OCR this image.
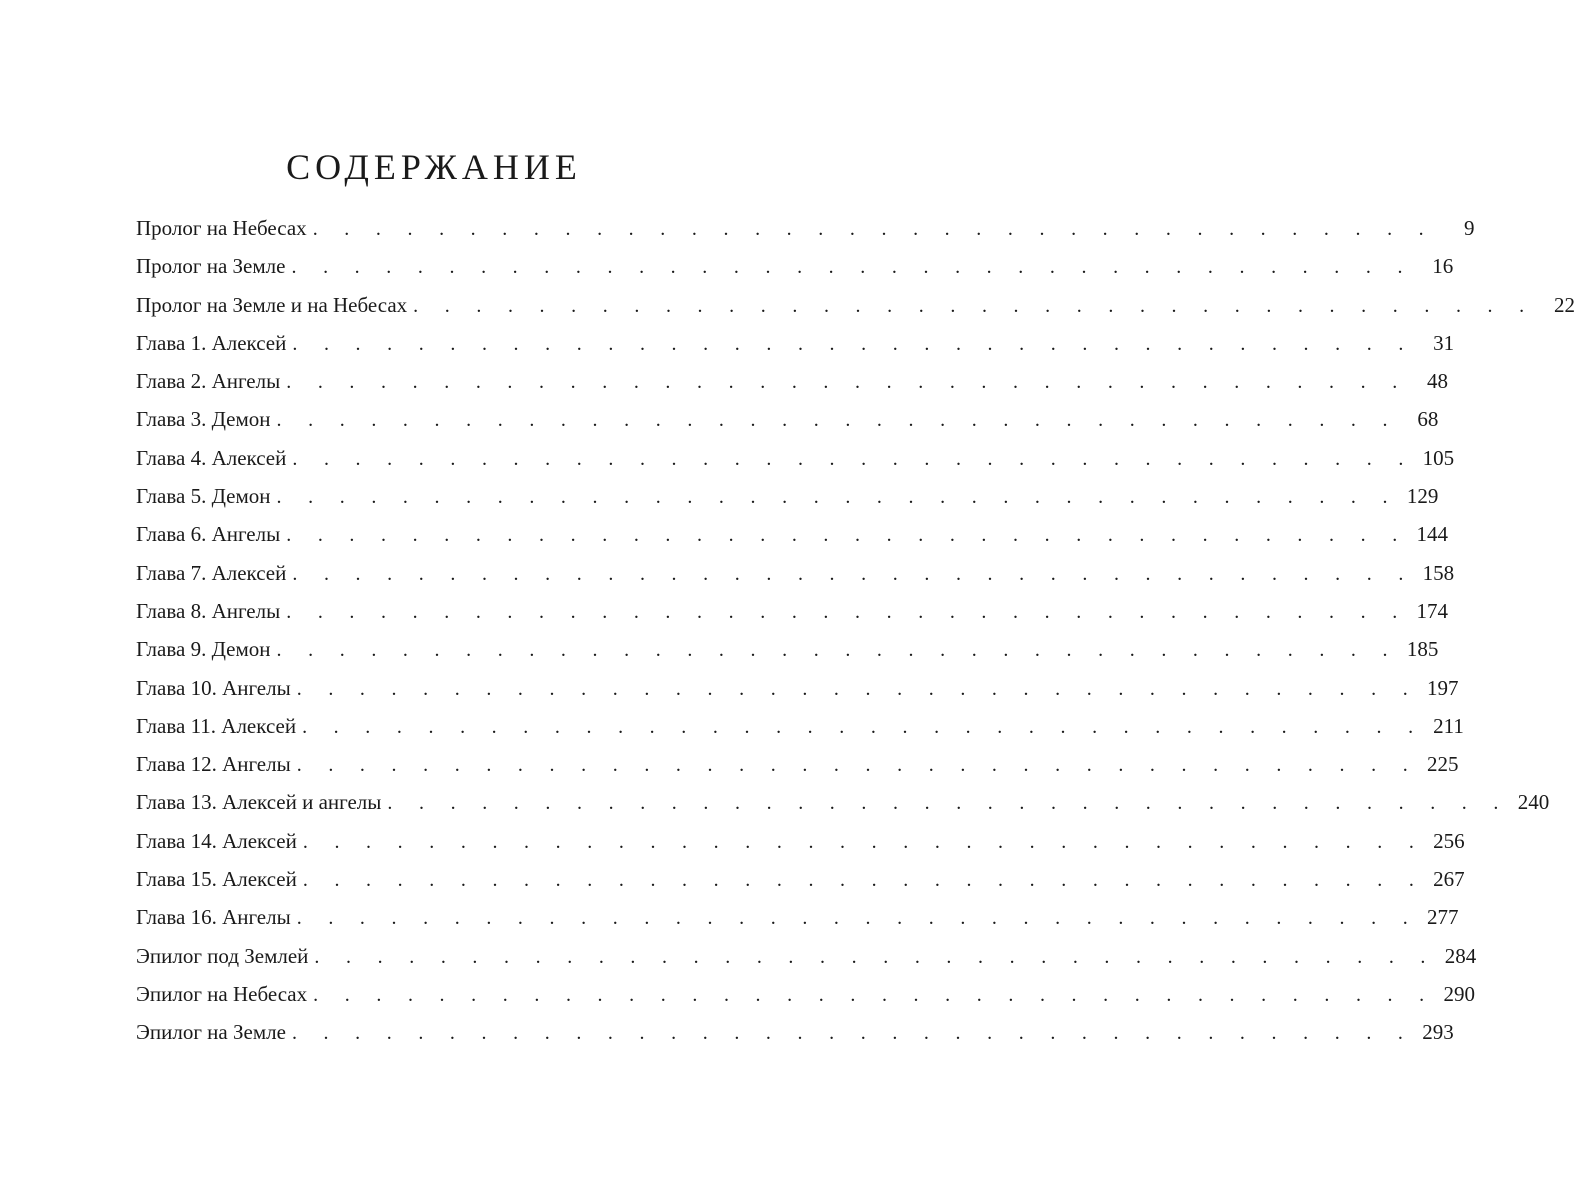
СОДЕРЖАНИЕ
Пролог на Небесах . . . . . . . . . . . . . . . . . . . . . . . . . . . . . . . . . . . .	9
Пролог на Земле . . . . . . . . . . . . . . . . . . . . . . . . . . . . . . . . . . . . 16
Пролог на Земле и на Небесах . . . . . . . . . . . . . . . . . . . . . . . . . . . . . . . . . . . . 22
Глава 1. Алексей . . . . . . . . . . . . . . . . . . . . . . . . . . . . . . . . . . . . 31
Глава 2. Ангелы . . . . . . . . . . . . . . . . . . . . . . . . . . . . . . . . . . . . 48
Глава 3. Демон . . . . . . . . . . . . . . . . . . . . . . . . . . . . . . . . . . . . 68
Глава 4. Алексей . . . . . . . . . . . . . . . . . . . . . . . . . . . . . . . . . . . . 105
Глава 5. Демон . . . . . . . . . . . . . . . . . . . . . . . . . . . . . . . . . . . . 129
Глава 6. Ангелы . . . . . . . . . . . . . . . . . . . . . . . . . . . . . . . . . . . . 144
Глава 7. Алексей . . . . . . . . . . . . . . . . . . . . . . . . . . . . . . . . . . . . 158
Глава 8. Ангелы . . . . . . . . . . . . . . . . . . . . . . . . . . . . . . . . . . . . 174
Глава 9. Демон . . . . . . . . . . . . . . . . . . . . . . . . . . . . . . . . . . . . 185
Глава 10. Ангелы . . . . . . . . . . . . . . . . . . . . . . . . . . . . . . . . . . . . 197
Глава 11. Алексей . . . . . . . . . . . . . . . . . . . . . . . . . . . . . . . . . . . . 211
Глава 12. Ангелы . . . . . . . . . . . . . . . . . . . . . . . . . . . . . . . . . . . . 225
Глава 13. Алексей и ангелы . . . . . . . . . . . . . . . . . . . . . . . . . . . . . . . . . . . . 240
Глава 14. Алексей . . . . . . . . . . . . . . . . . . . . . . . . . . . . . . . . . . . . 256
Глава 15. Алексей . . . . . . . . . . . . . . . . . . . . . . . . . . . . . . . . . . . . 267
Глава 16. Ангелы . . . . . . . . . . . . . . . . . . . . . . . . . . . . . . . . . . . . 277
Эпилог под Землей . . . . . . . . . . . . . . . . . . . . . . . . . . . . . . . . . . . . 284
Эпилог на Небесах . . . . . . . . . . . . . . . . . . . . . . . . . . . . . . . . . . . . 290
Эпилог на Земле . . . . . . . . . . . . . . . . . . . . . . . . . . . . . . . . . . . . 293
